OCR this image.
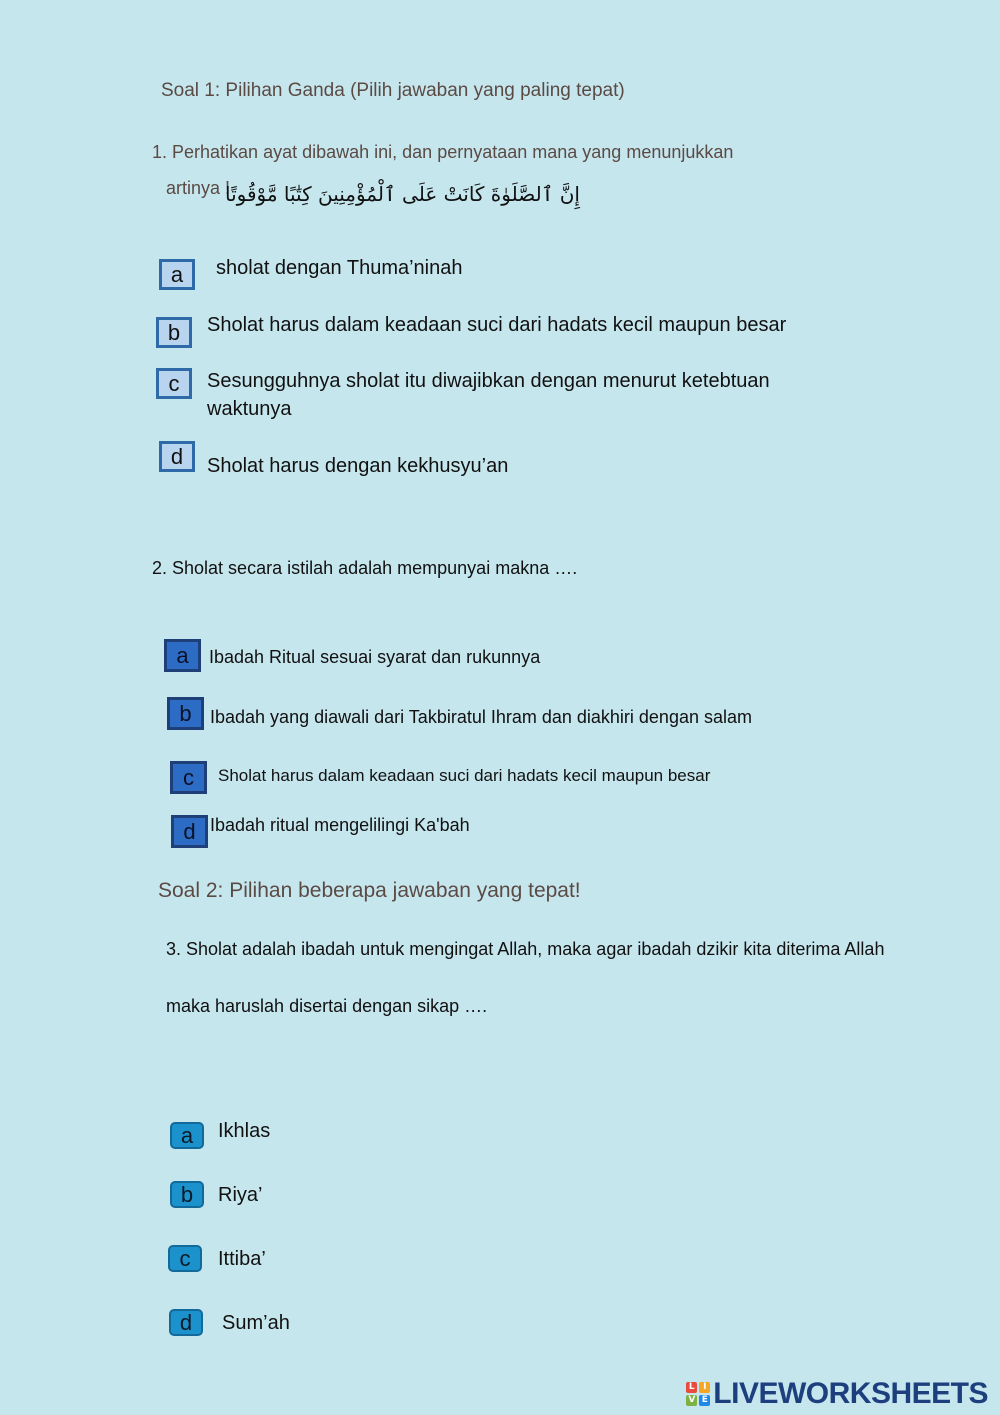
Soal 1: Pilihan Ganda (Pilih jawaban yang paling tepat)
1. Perhatikan ayat dibawah ini, dan pernyataan mana yang menunjukkan
artinya !
إِنَّ ٱلصَّلَوٰةَ كَانَتْ عَلَى ٱلْمُؤْمِنِينَ كِتَٰبًا مَّوْقُوتًا
a	sholat dengan Thuma’ninah
b	Sholat harus dalam keadaan suci dari hadats kecil maupun besar
c	Sesungguhnya sholat itu diwajibkan dengan menurut ketebtuan
waktunya
d	Sholat harus dengan kekhusyu’an
2. Sholat secara istilah adalah mempunyai makna ….
a	Ibadah Ritual sesuai syarat dan rukunnya
b	Ibadah yang diawali dari Takbiratul Ihram dan diakhiri dengan salam
c	Sholat harus dalam keadaan suci dari hadats kecil maupun besar
d Ibadah ritual mengelilingi Ka'bah
Soal 2: Pilihan beberapa jawaban yang tepat!
3. Sholat adalah ibadah untuk mengingat Allah, maka agar ibadah dzikir kita diterima Allah
maka haruslah disertai dengan sikap ….
a	Ikhlas
b	Riya’
c	Ittiba’
d	Sum’ah
L I
V E LIVEWORKSHEETS
